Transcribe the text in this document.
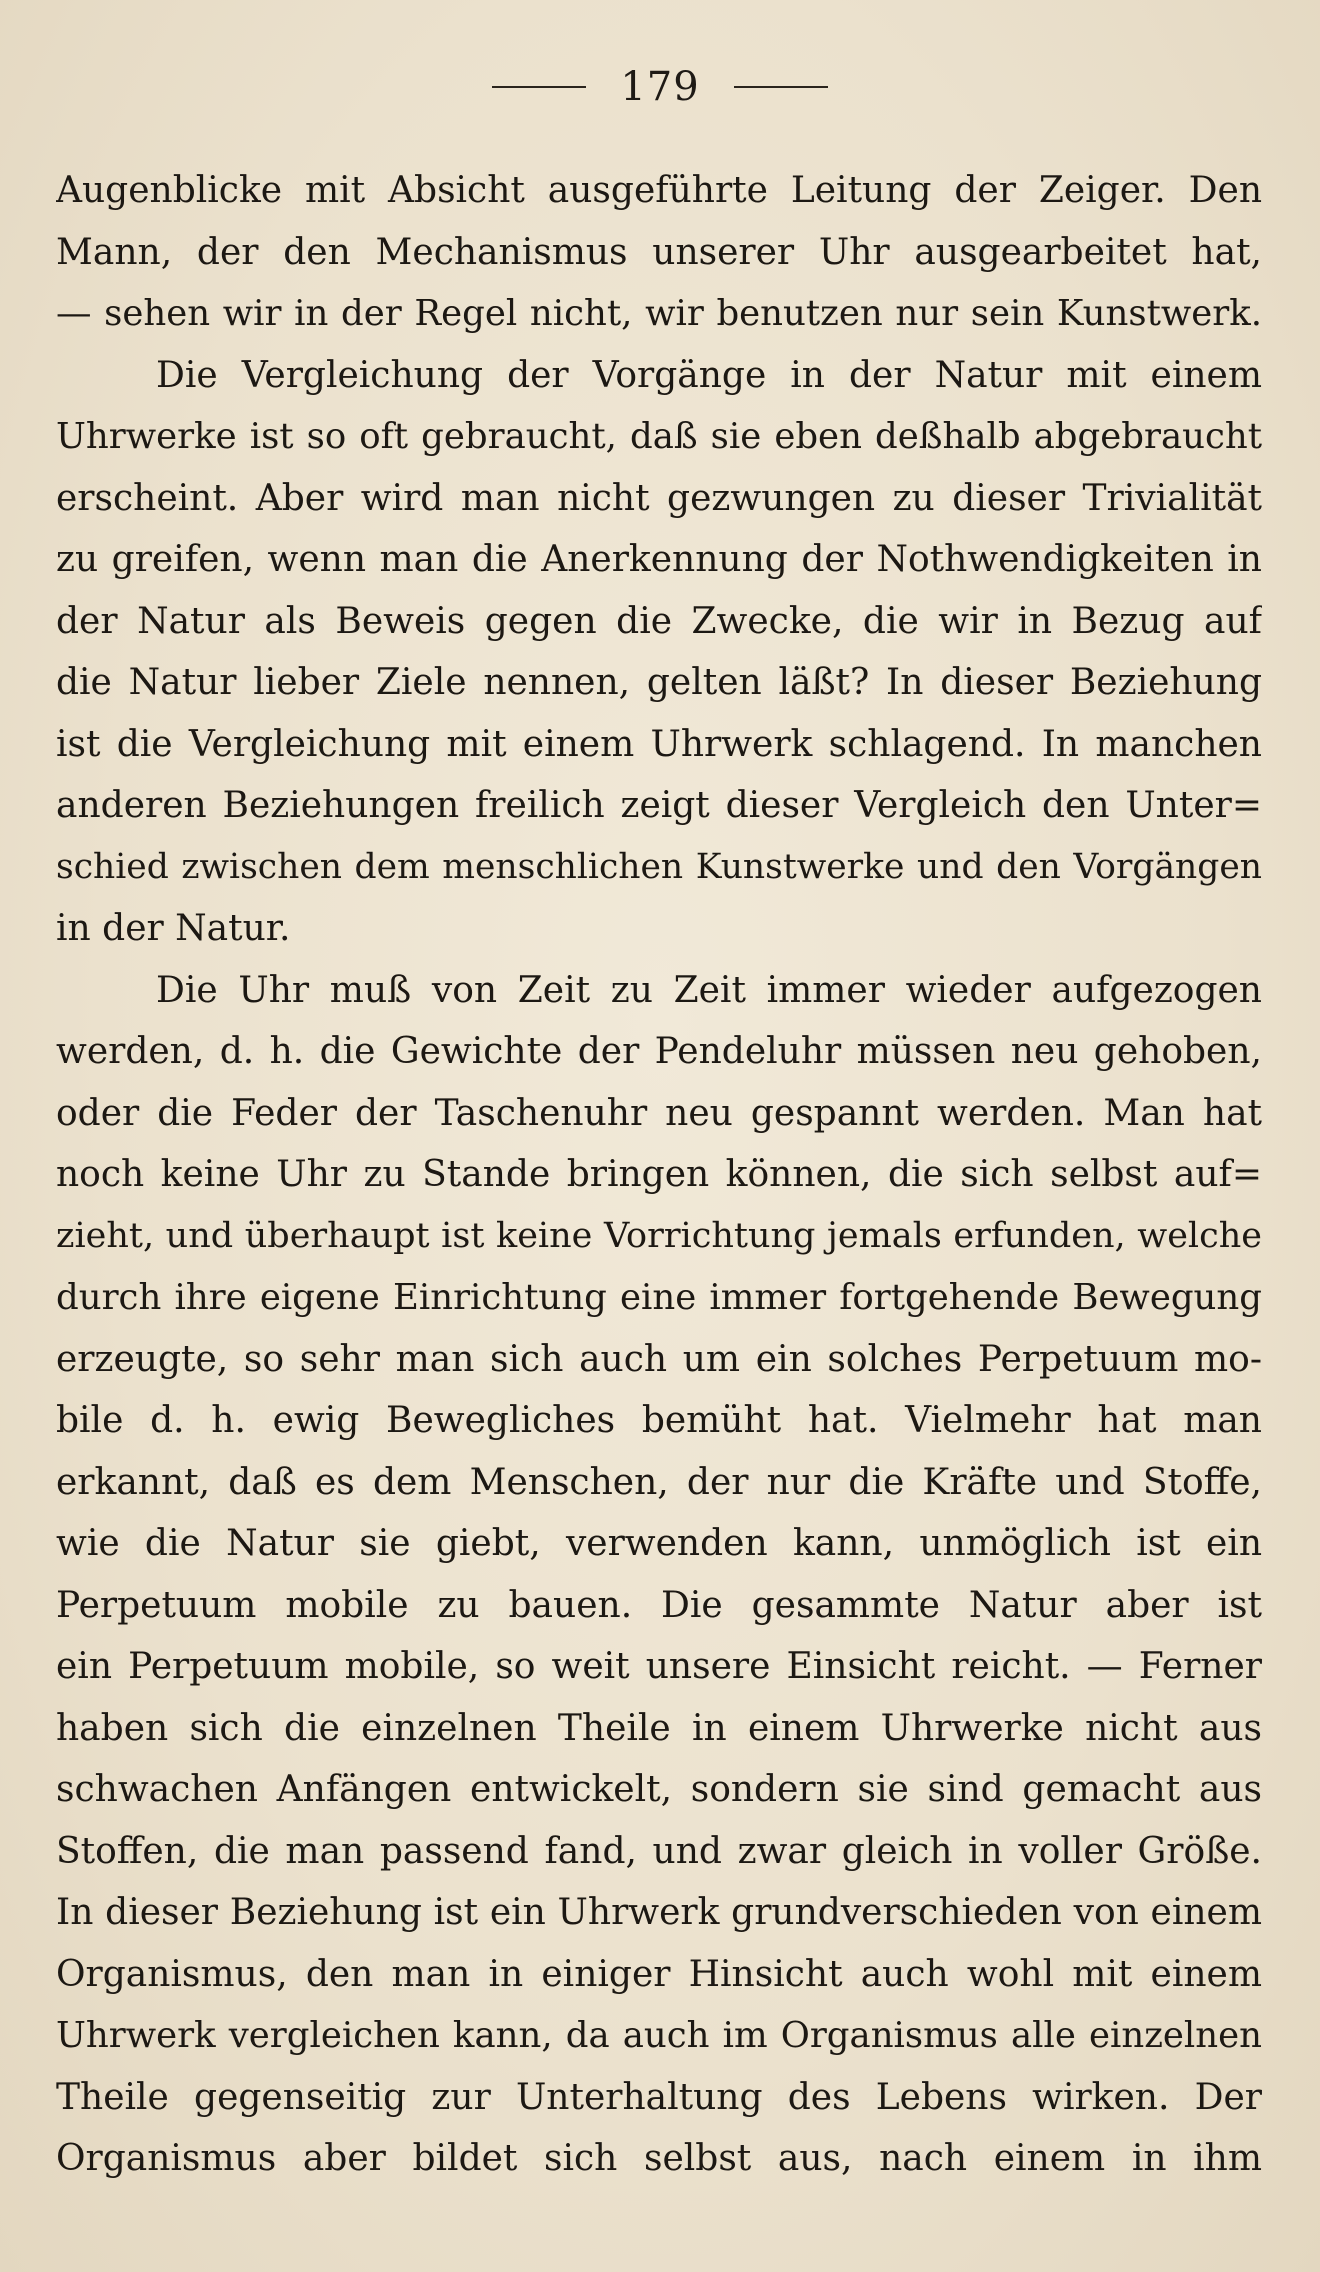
179
Augenblicke mit Absicht ausgeführte Leitung der Zeiger. Den
Mann, der den Mechanismus unserer Uhr ausgearbeitet hat,
— sehen wir in der Regel nicht, wir benutzen nur sein Kunstwerk.
Die Vergleichung der Vorgänge in der Natur mit einem
Uhrwerke ist so oft gebraucht, daß sie eben deßhalb abgebraucht
erscheint. Aber wird man nicht gezwungen zu dieser Trivialität
zu greifen, wenn man die Anerkennung der Nothwendigkeiten in
der Natur als Beweis gegen die Zwecke, die wir in Bezug auf
die Natur lieber Ziele nennen, gelten läßt? In dieser Beziehung
ist die Vergleichung mit einem Uhrwerk schlagend. In manchen
anderen Beziehungen freilich zeigt dieser Vergleich den Unter=
schied zwischen dem menschlichen Kunstwerke und den Vorgängen
in der Natur.
Die Uhr muß von Zeit zu Zeit immer wieder aufgezogen
werden, d. h. die Gewichte der Pendeluhr müssen neu gehoben,
oder die Feder der Taschenuhr neu gespannt werden. Man hat
noch keine Uhr zu Stande bringen können, die sich selbst auf=
zieht, und überhaupt ist keine Vorrichtung jemals erfunden, welche
durch ihre eigene Einrichtung eine immer fortgehende Bewegung
erzeugte, so sehr man sich auch um ein solches Perpetuum mo-
bile d. h. ewig Bewegliches bemüht hat. Vielmehr hat man
erkannt, daß es dem Menschen, der nur die Kräfte und Stoffe,
wie die Natur sie giebt, verwenden kann, unmöglich ist ein
Perpetuum mobile zu bauen. Die gesammte Natur aber ist
ein Perpetuum mobile, so weit unsere Einsicht reicht. — Ferner
haben sich die einzelnen Theile in einem Uhrwerke nicht aus
schwachen Anfängen entwickelt, sondern sie sind gemacht aus
Stoffen, die man passend fand, und zwar gleich in voller Größe.
In dieser Beziehung ist ein Uhrwerk grundverschieden von einem
Organismus, den man in einiger Hinsicht auch wohl mit einem
Uhrwerk vergleichen kann, da auch im Organismus alle einzelnen
Theile gegenseitig zur Unterhaltung des Lebens wirken. Der
Organismus aber bildet sich selbst aus, nach einem in ihm
